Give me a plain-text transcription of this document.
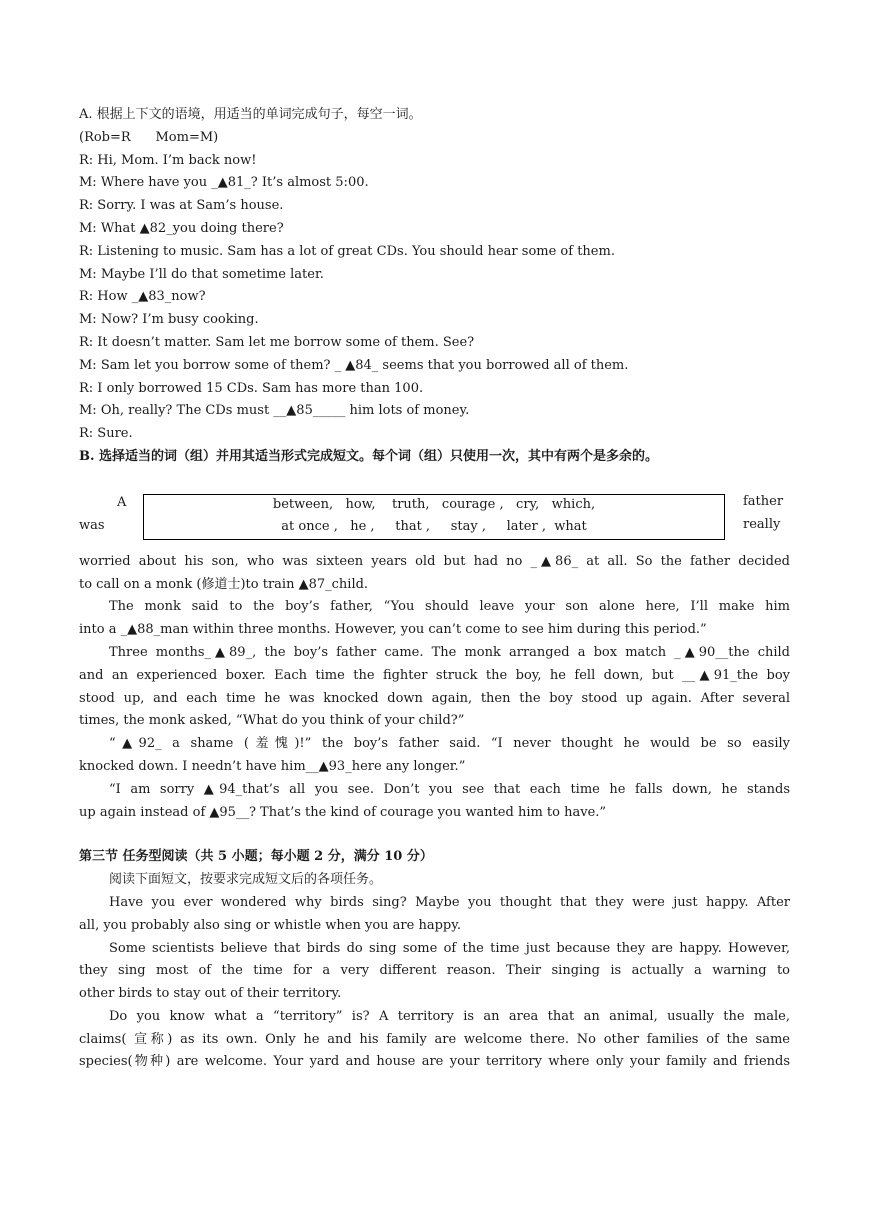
A. 根据上下文的语境，用适当的单词完成句子，每空一词。
(Rob=R      Mom=M)
R: Hi, Mom. I’m back now!
M: Where have you _▲81_? It’s almost 5:00.
R: Sorry. I was at Sam’s house.
M: What ▲82_you doing there?
R: Listening to music. Sam has a lot of great CDs. You should hear some of them.
M: Maybe I’ll do that sometime later.
R: How _▲83_now?
M: Now? I’m busy cooking.
R: It doesn’t matter. Sam let me borrow some of them. See?
M: Sam let you borrow some of them? _ ▲84_ seems that you borrowed all of them.
R: I only borrowed 15 CDs. Sam has more than 100.
M: Oh, really? The CDs must __▲85_____ him lots of money.
R: Sure.
B. 选择适当的词（组）并用其适当形式完成短文。每个词（组）只使用一次，其中有两个是多余的。
A
was
between,   how,    truth,   courage ,   cry,   which,
at once ,   he ,     that ,     stay ,     later ,  what
father
really
worried about his son, who was sixteen years old but had no _▲86_ at all. So the father decided
to call on a monk (修道士)to train ▲87_child.
The monk said to the boy’s father, “You should leave your son alone here, I’ll make him
into a _▲88_man within three months. However, you can’t come to see him during this period.”
Three months_▲89_, the boy’s father came. The monk arranged a box match _▲90__the child
and an experienced boxer. Each time the fighter struck the boy, he fell down, but __▲91_the boy
stood up, and each time he was knocked down again, then the boy stood up again. After several
times, the monk asked, “What do you think of your child?”
“▲92_ a shame (羞愧)!” the boy’s father said. “I never thought he would be so easily
knocked down. I needn’t have him__▲93_here any longer.”
“I am sorry ▲94_that’s all you see. Don’t you see that each time he falls down, he stands
up again instead of ▲95__? That’s the kind of courage you wanted him to have.”
第三节 任务型阅读（共 5 小题；每小题 2 分，满分 10 分）
阅读下面短文，按要求完成短文后的各项任务。
Have you ever wondered why birds sing? Maybe you thought that they were just happy. After
all, you probably also sing or whistle when you are happy.
Some scientists believe that birds do sing some of the time just because they are happy. However,
they sing most of the time for a very different reason. Their singing is actually a warning to
other birds to stay out of their territory.
Do you know what a “territory” is? A territory is an area that an animal, usually the male,
claims( 宣称) as its own. Only he and his family are welcome there. No other families of the same
species(物种) are welcome. Your yard and house are your territory where only your family and friends
